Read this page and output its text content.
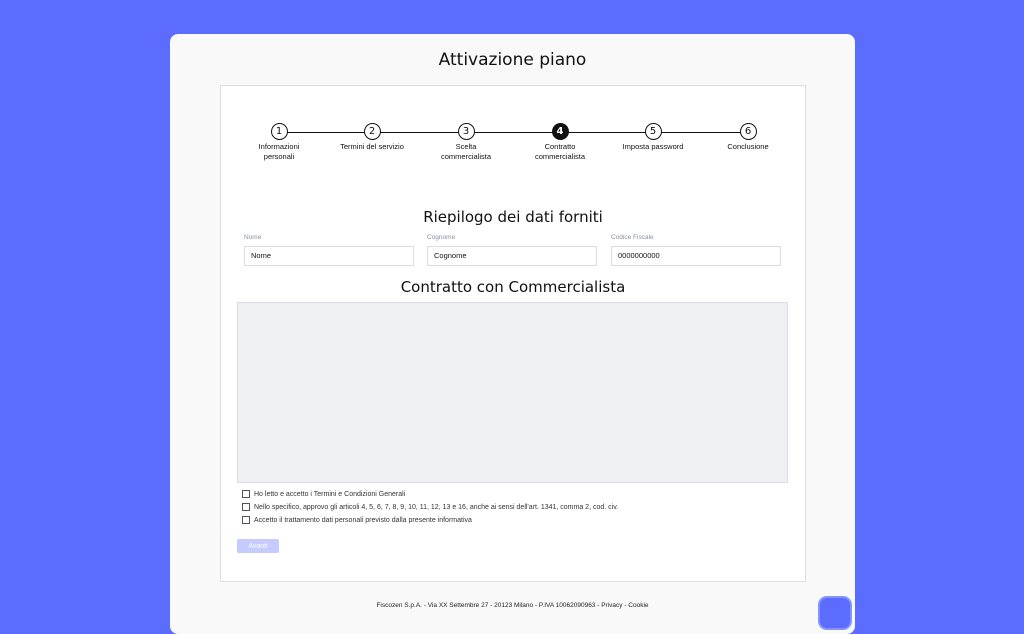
Attivazione piano
1
Informazioni
personali
2
Termini del servizio
3
Scelta
commercialista
4
Contratto
commercialista
5
Imposta password
6
Conclusione
Riepilogo dei dati forniti
Nome
Nome	Cognome
Cognome	Codice Fiscale
0000000000
Contratto con Commercialista
Ho letto e accetto i Termini e Condizioni Generali
Nello specifico, approvo gli articoli 4, 5, 6, 7, 8, 9, 10, 11, 12, 13 e 16, anche ai sensi dell'art. 1341, comma 2, cod. civ.
Accetto il trattamento dati personali previsto dalla presente informativa
Avanti
Fiscozen S.p.A. - Via XX Settembre 27 - 20123 Milano - P.IVA 10062090963 - Privacy - Cookie
